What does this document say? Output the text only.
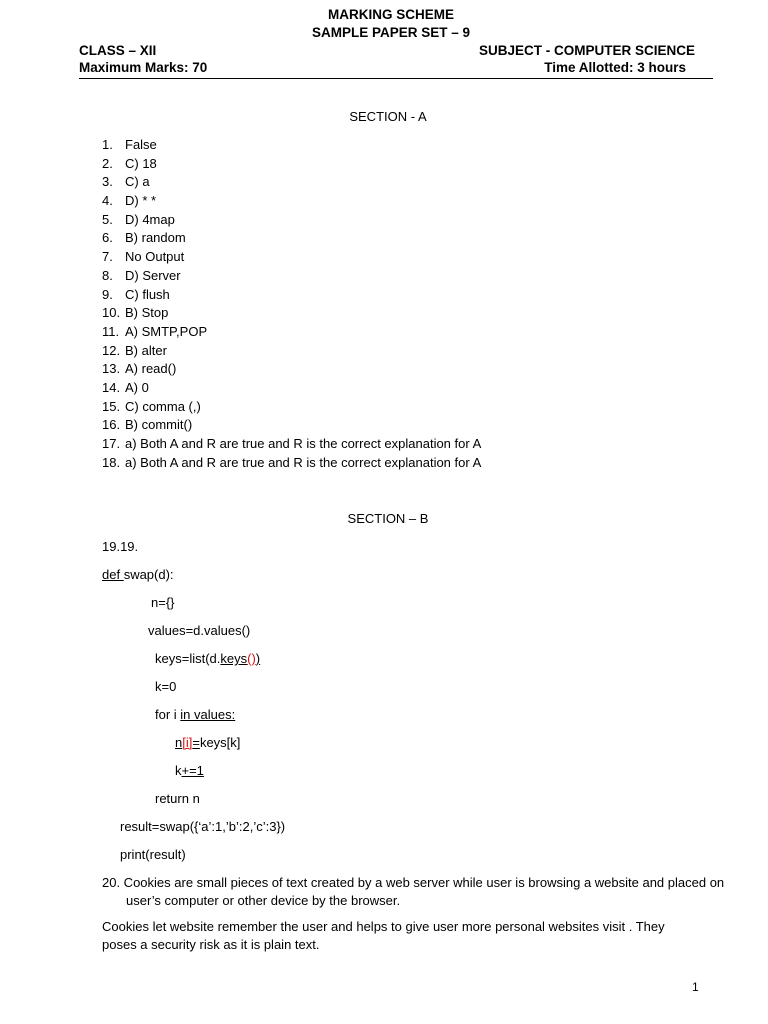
MARKING SCHEME
SAMPLE PAPER SET – 9
CLASS – XII	SUBJECT - COMPUTER SCIENCE
Maximum Marks: 70	Time Allotted: 3 hours
SECTION - A
1. False
2. C) 18
3. C) a
4. D) * *
5. D) 4map
6. B) random
7. No Output
8. D) Server
9. C) flush
10. B) Stop
11. A) SMTP,POP
12. B) alter
13. A) read()
14. A) 0
15. C) comma (,)
16. B) commit()
17. a) Both A and R are true and R is the correct explanation for A
18. a) Both A and R are true and R is the correct explanation for A
SECTION – B
19.19.
def swap(d):
n={}
values=d.values()
keys=list(d.keys())
k=0
for i in values:
n[i]=keys[k]
k+=1
return n
result=swap({‘a’:1,’b’:2,’c’:3})
print(result)
20. Cookies are small pieces of text created by a web server while user is browsing a website and placed on user’s computer or other device by the browser.
Cookies let website remember the user and helps to give user more personal websites visit . They poses a security risk as it is plain text.
1
